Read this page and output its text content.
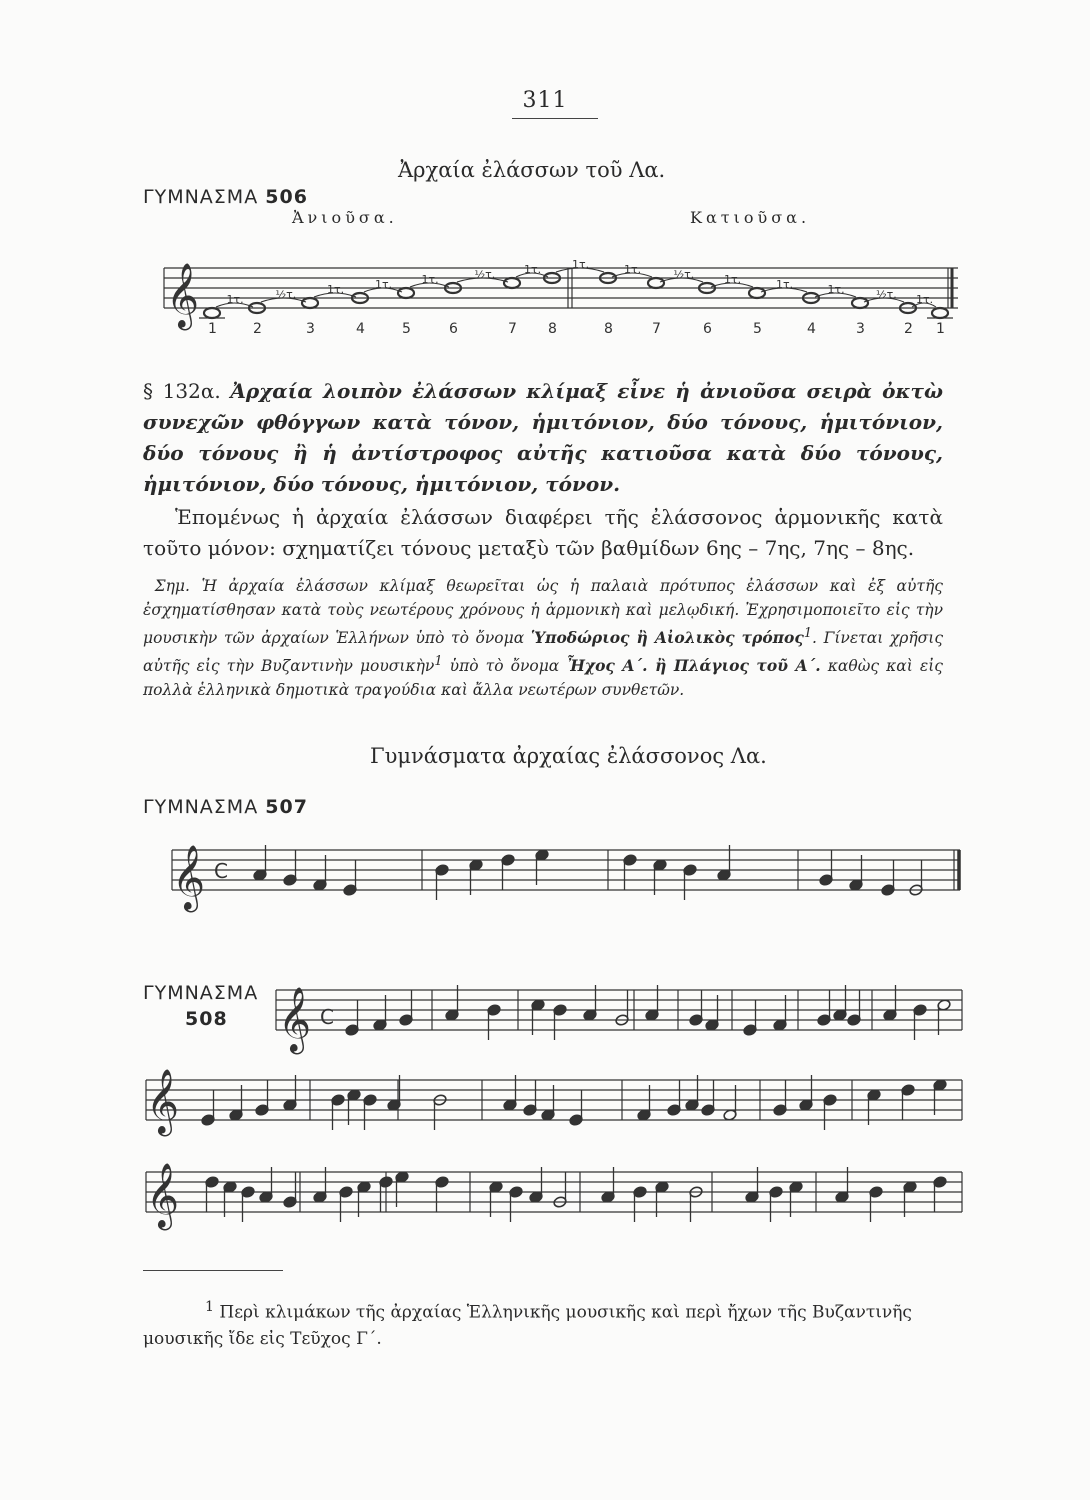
311
Ἀρχαία ἐλάσσων τοῦ Λα.
ΓΥΜΝΑΣΜΑ 506
Ἀνιοῦσα.	Κατιοῦσα.
𝄞
1	2	3	4	5	6	7 8	8	7	6	5	4	3	2 1
1τ.	½τ.	1τ.	1τ.	1τ.	½τ.	1τ.	1τ.	1τ.	½τ.	1τ.	1τ.	1τ.	½τ. 1τ.
§ 132α. Ἀρχαία λοιπὸν ἐλάσσων κλίμαξ εἶνε ἡ ἀνιοῦσα σειρὰ ὀκτὼ συνεχῶν φθόγγων κατὰ τόνον, ἡμιτόνιον, δύο τόνους, ἡμιτόνιον, δύο τόνους ἢ ἡ ἀντίστροφος αὐτῆς κατιοῦσα κατὰ δύο τόνους, ἡμιτόνιον, δύο τόνους, ἡμιτόνιον, τόνον.
Ἑπομένως ἡ ἀρχαία ἐλάσσων διαφέρει τῆς ἐλάσσονος ἁρμονικῆς κατὰ τοῦτο μόνον: σχηματίζει τόνους μεταξὺ τῶν βαθμίδων 6ης – 7ης, 7ης – 8ης.
Σημ. Ἡ ἀρχαία ἐλάσσων κλίμαξ θεωρεῖται ὡς ἡ παλαιὰ πρότυπος ἐλάσσων καὶ ἐξ αὐτῆς ἐσχηματίσθησαν κατὰ τοὺς νεωτέρους χρόνους ἡ ἁρμονικὴ καὶ μελῳδική. Ἐχρησιμοποιεῖτο εἰς τὴν μουσικὴν τῶν ἀρχαίων Ἑλλήνων ὑπὸ τὸ ὄνομα Ὑποδώριος ἢ Αἰολικὸς τρόπος$^1$. Γίνεται χρῆσις αὐτῆς εἰς τὴν Βυζαντινὴν μουσικὴν$^1$ ὑπὸ τὸ ὄνομα Ἦχος Α΄. ἢ Πλάγιος τοῦ Α΄. καθὼς καὶ εἰς πολλὰ ἑλληνικὰ δημοτικὰ τραγούδια καὶ ἄλλα νεωτέρων συνθετῶν.
Γυμνάσματα ἀρχαίας ἐλάσσονος Λα.
ΓΥΜΝΑΣΜΑ 507
𝄞 C
ΓΥΜΝΑΣΜΑ
508 𝄞 C
𝄞
𝄞
$^1$ Περὶ κλιμάκων τῆς ἀρχαίας Ἑλληνικῆς μουσικῆς καὶ περὶ ἤχων τῆς Βυζαντινῆς μουσικῆς ἴδε εἰς Τεῦχος Γ΄.
